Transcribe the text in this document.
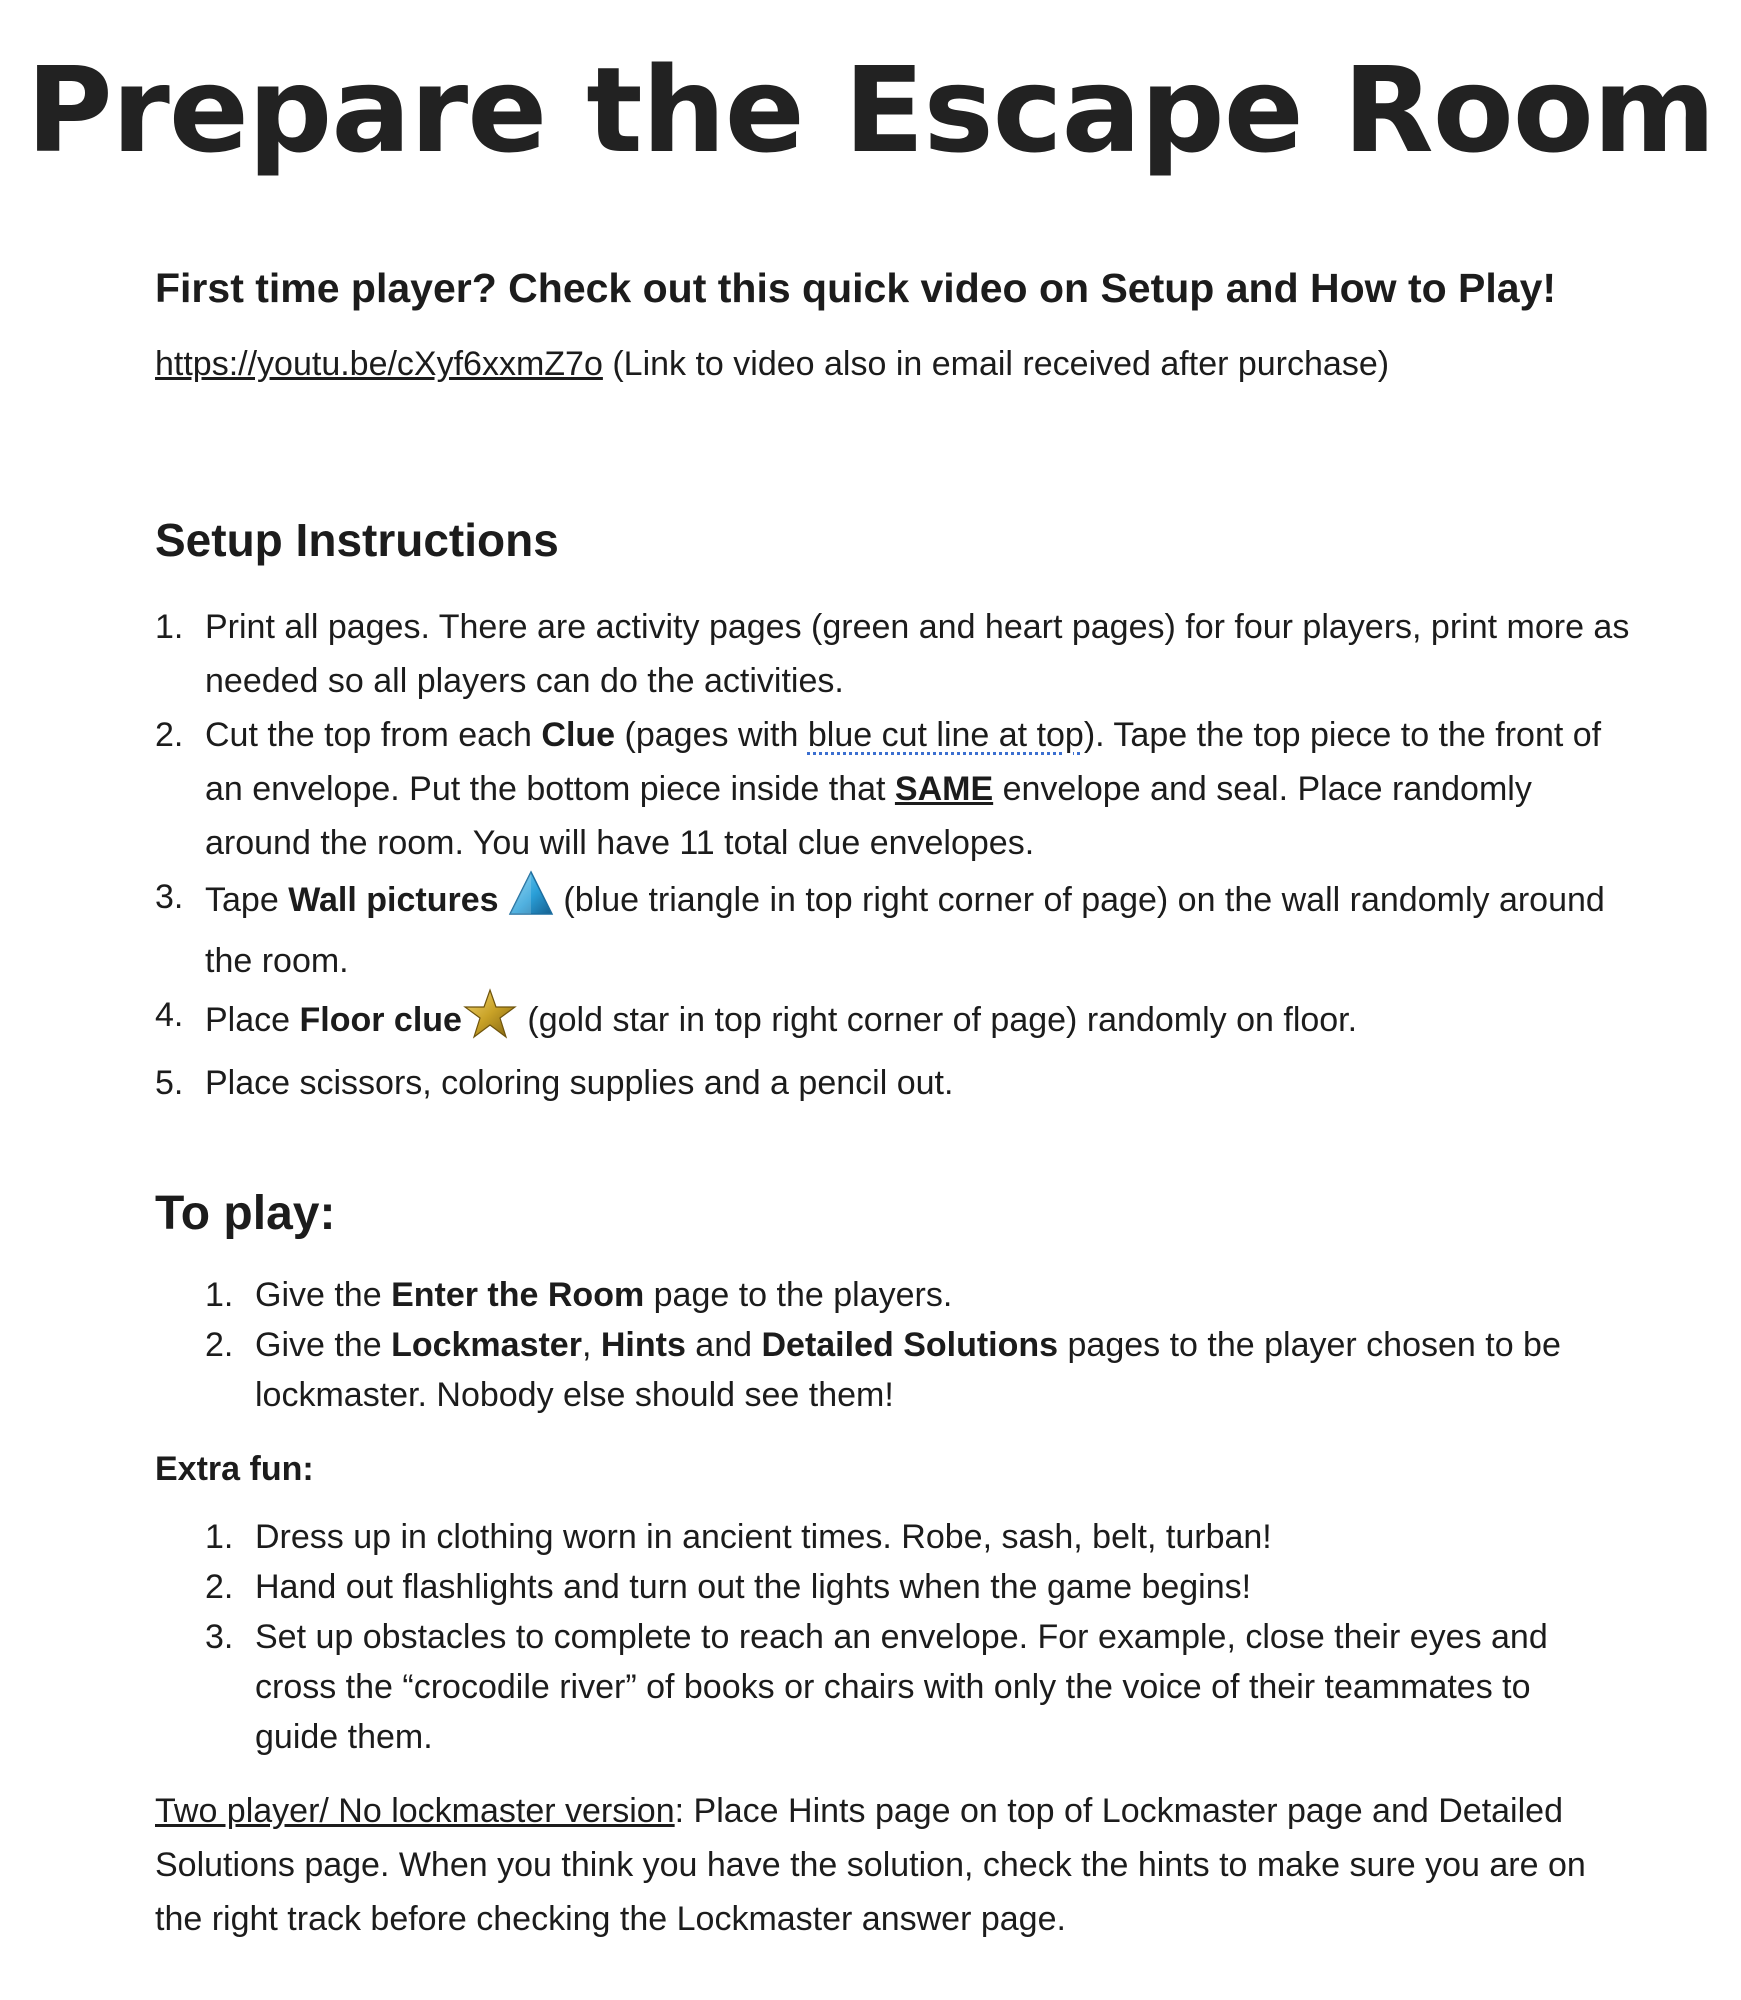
Prepare the Escape Room

First time player? Check out this quick video on Setup and How to Play!

https://youtu.be/cXyf6xxmZ7o (Link to video also in email received after purchase)

Setup Instructions
1. Print all pages. There are activity pages (green and heart pages) for four players, print more as needed so all players can do the activities.
2. Cut the top from each Clue (pages with blue cut line at top). Tape the top piece to the front of an envelope. Put the bottom piece inside that SAME envelope and seal. Place randomly around the room. You will have 11 total clue envelopes.
3. Tape Wall pictures  (blue triangle in top right corner of page) on the wall randomly around the room.
4. Place Floor clue (gold star in top right corner of page) randomly on floor.
5. Place scissors, coloring supplies and a pencil out.
To play:
1. Give the Enter the Room page to the players.
2. Give the Lockmaster, Hints and Detailed Solutions pages to the player chosen to be lockmaster. Nobody else should see them!

Extra fun:

1. Dress up in clothing worn in ancient times. Robe, sash, belt, turban!
2. Hand out flashlights and turn out the lights when the game begins!
3. Set up obstacles to complete to reach an envelope. For example, close their eyes and cross the “crocodile river” of books or chairs with only the voice of their teammates to guide them.

Two player/ No lockmaster version: Place Hints page on top of Lockmaster page and Detailed Solutions page. When you think you have the solution, check the hints to make sure you are on the right track before checking the Lockmaster answer page.
